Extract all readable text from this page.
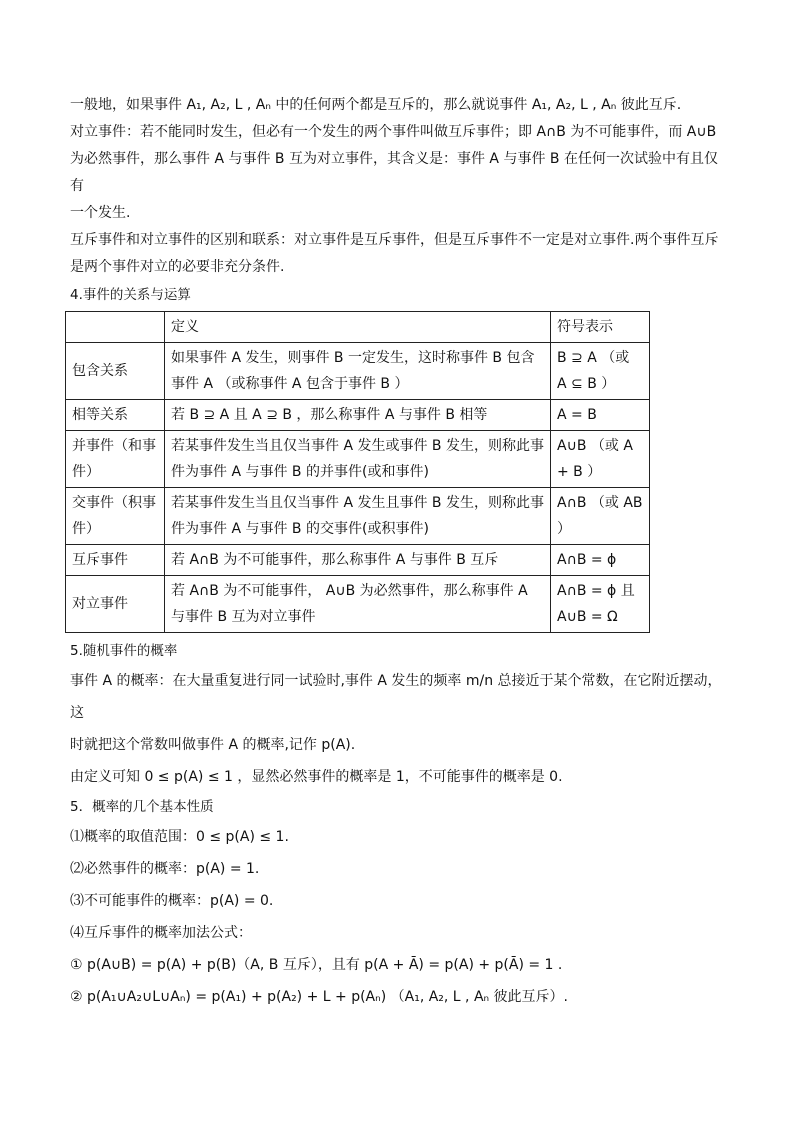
一般地，如果事件 A₁, A₂, L , Aₙ 中的任何两个都是互斥的，那么就说事件 A₁, A₂, L , Aₙ 彼此互斥.

对立事件：若不能同时发生，但必有一个发生的两个事件叫做互斥事件；即 A∩B 为不可能事件，而 A∪B

为必然事件，那么事件 A 与事件 B 互为对立事件，其含义是：事件 A 与事件 B 在任何一次试验中有且仅有

一个发生.

互斥事件和对立事件的区别和联系：对立事件是互斥事件，但是互斥事件不一定是对立事件.两个事件互斥

是两个事件对立的必要非充分条件.

4.事件的关系与运算

	定义	符号表示
包含关系	如果事件 A 发生，则事件 B 一定发生，这时称事件 B 包含事件 A （或称事件 A 包含于事件 B ）	B ⊇ A （或 A ⊆ B ）
相等关系	若 B ⊇ A 且 A ⊇ B ，那么称事件 A 与事件 B 相等	A = B
并事件（和事件）	若某事件发生当且仅当事件 A 发生或事件 B 发生，则称此事件为事件 A 与事件 B 的并事件(或和事件)	A∪B （或 A + B ）
交事件（积事件）	若某事件发生当且仅当事件 A 发生且事件 B 发生，则称此事件为事件 A 与事件 B 的交事件(或积事件)	A∩B （或 AB ）
互斥事件	若 A∩B 为不可能事件，那么称事件 A 与事件 B 互斥	A∩B = ϕ
对立事件	若 A∩B 为不可能事件， A∪B 为必然事件，那么称事件 A 与事件 B 互为对立事件	A∩B = ϕ 且 A∪B = Ω

5.随机事件的概率

事件 A 的概率：在大量重复进行同一试验时,事件 A 发生的频率 m/n 总接近于某个常数，在它附近摆动，这

时就把这个常数叫做事件 A 的概率,记作 p(A).

由定义可知 0 ≤ p(A) ≤ 1 ，显然必然事件的概率是 1，不可能事件的概率是 0.

5．概率的几个基本性质

⑴概率的取值范围：0 ≤ p(A) ≤ 1.

⑵必然事件的概率：p(A) = 1.

⑶不可能事件的概率：p(A) = 0.

⑷互斥事件的概率加法公式：

① p(A∪B) = p(A) + p(B)（A, B 互斥），且有 p(A + Ā) = p(A) + p(Ā) = 1 .

② p(A₁∪A₂∪L∪Aₙ) = p(A₁) + p(A₂) + L + p(Aₙ) （A₁, A₂, L , Aₙ 彼此互斥）.
